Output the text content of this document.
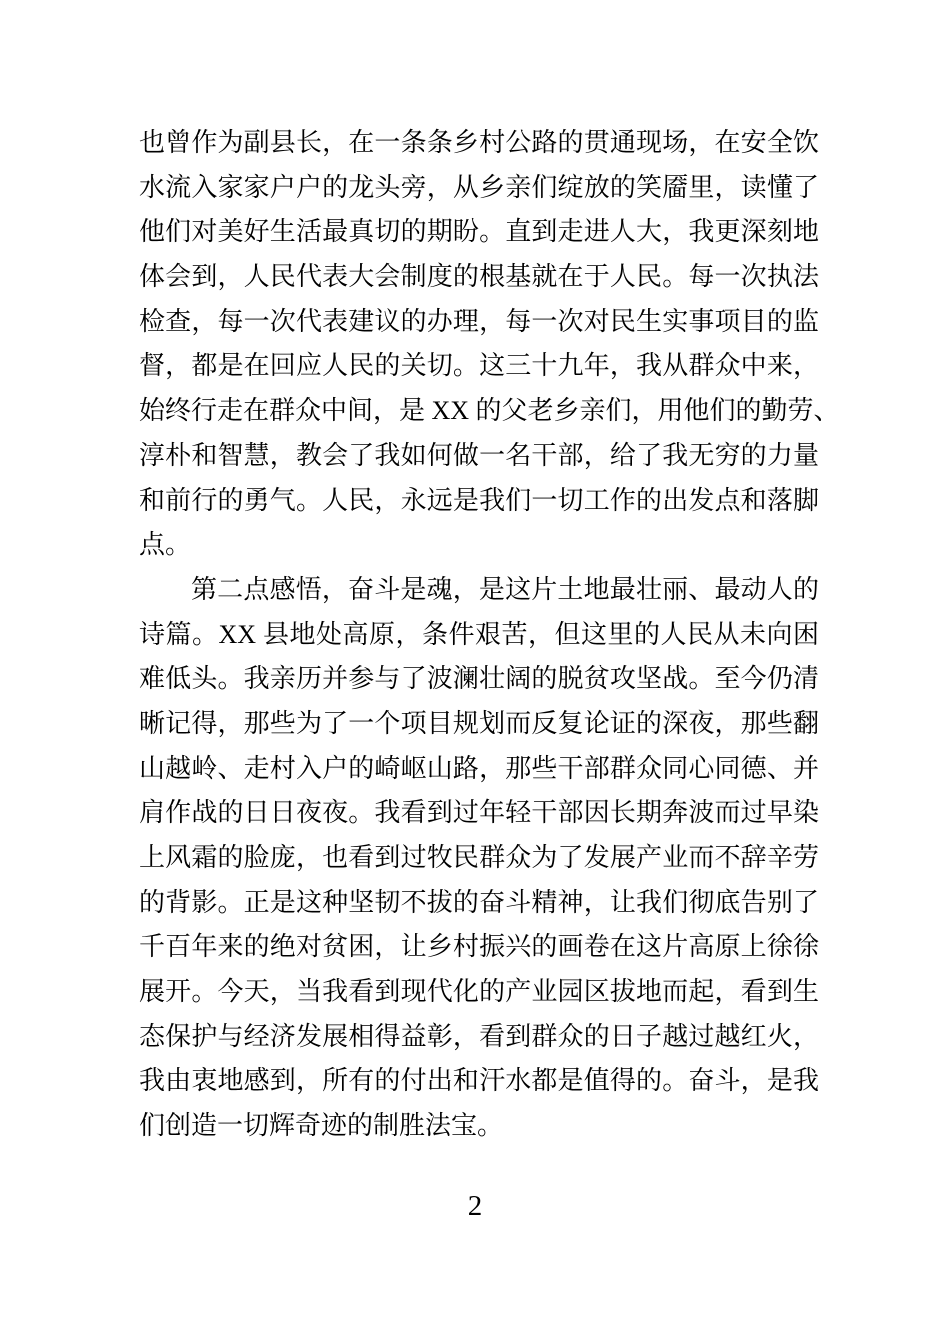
也曾作为副县长，在一条条乡村公路的贯通现场，在安全饮
水流入家家户户的龙头旁，从乡亲们绽放的笑靥里，读懂了
他们对美好生活最真切的期盼。直到走进人大，我更深刻地
体会到，人民代表大会制度的根基就在于人民。每一次执法
检查，每一次代表建议的办理，每一次对民生实事项目的监
督，都是在回应人民的关切。这三十九年，我从群众中来，
始终行走在群众中间，是 XX 的父老乡亲们，用他们的勤劳、
淳朴和智慧，教会了我如何做一名干部，给了我无穷的力量
和前行的勇气。人民，永远是我们一切工作的出发点和落脚
点。
第二点感悟，奋斗是魂，是这片土地最壮丽、最动人的
诗篇。XX 县地处高原，条件艰苦，但这里的人民从未向困
难低头。我亲历并参与了波澜壮阔的脱贫攻坚战。至今仍清
晰记得，那些为了一个项目规划而反复论证的深夜，那些翻
山越岭、走村入户的崎岖山路，那些干部群众同心同德、并
肩作战的日日夜夜。我看到过年轻干部因长期奔波而过早染
上风霜的脸庞，也看到过牧民群众为了发展产业而不辞辛劳
的背影。正是这种坚韧不拔的奋斗精神，让我们彻底告别了
千百年来的绝对贫困，让乡村振兴的画卷在这片高原上徐徐
展开。今天，当我看到现代化的产业园区拔地而起，看到生
态保护与经济发展相得益彰，看到群众的日子越过越红火，
我由衷地感到，所有的付出和汗水都是值得的。奋斗，是我
们创造一切辉奇迹的制胜法宝。
2
